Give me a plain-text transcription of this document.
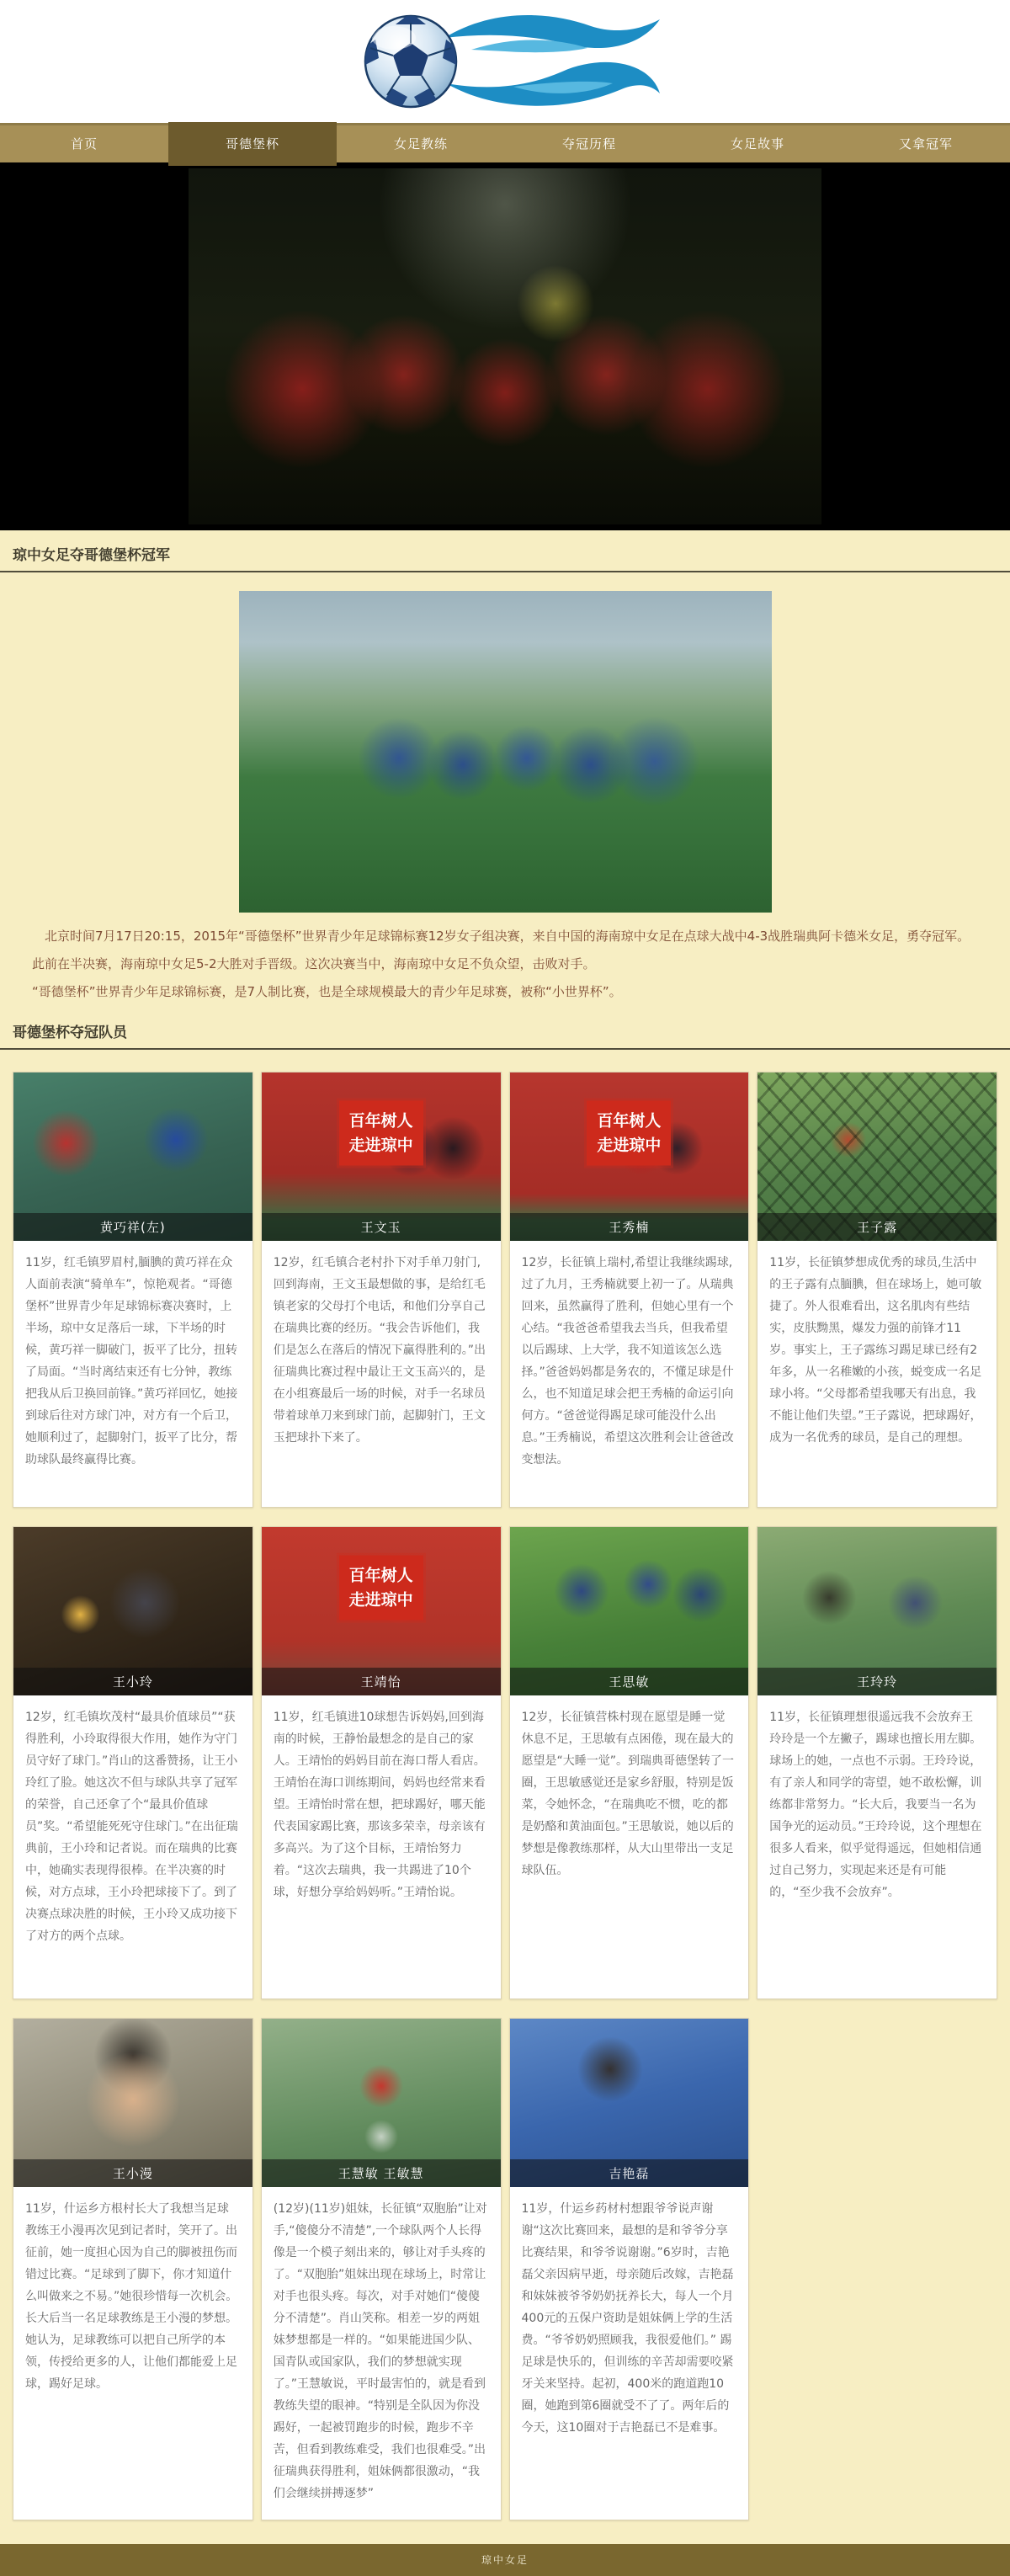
首页	哥德堡杯	女足教练	夺冠历程	女足故事	又拿冠军
琼中女足夺哥德堡杯冠军

北京时间7月17日20:15，2015年“哥德堡杯”世界青少年足球锦标赛12岁女子组决赛，来自中国的海南琼中女足在点球大战中4-3战胜瑞典阿卡德米女足，勇夺冠军。

此前在半决赛，海南琼中女足5-2大胜对手晋级。这次决赛当中，海南琼中女足不负众望，击败对手。

“哥德堡杯”世界青少年足球锦标赛，是7人制比赛，也是全球规模最大的青少年足球赛，被称“小世界杯”。

哥德堡杯夺冠队员
黄巧祥(左)
11岁，红毛镇罗眉村,腼腆的黄巧祥在众人面前表演“骑单车”，惊艳观者。“哥德堡杯”世界青少年足球锦标赛决赛时，上半场，琼中女足落后一球，下半场的时候，黄巧祥一脚破门，扳平了比分，扭转了局面。“当时离结束还有七分钟，教练把我从后卫换回前锋。”黄巧祥回忆，她接到球后往对方球门冲，对方有一个后卫，她顺利过了，起脚射门，扳平了比分，帮助球队最终赢得比赛。
百年树人 走进琼中
王文玉
12岁，红毛镇合老村扑下对手单刀射门,回到海南，王文玉最想做的事，是给红毛镇老家的父母打个电话，和他们分享自己在瑞典比赛的经历。“我会告诉他们，我们是怎么在落后的情况下赢得胜利的。”出征瑞典比赛过程中最让王文玉高兴的，是在小组赛最后一场的时候，对手一名球员带着球单刀来到球门前，起脚射门，王文玉把球扑下来了。
百年树人 走进琼中
王秀楠
12岁，长征镇上瑞村,希望让我继续踢球,过了九月，王秀楠就要上初一了。从瑞典回来，虽然赢得了胜利，但她心里有一个心结。“我爸爸希望我去当兵，但我希望以后踢球、上大学，我不知道该怎么选择。”爸爸妈妈都是务农的，不懂足球是什么，也不知道足球会把王秀楠的命运引向何方。“爸爸觉得踢足球可能没什么出息。”王秀楠说，希望这次胜利会让爸爸改变想法。
王子露
11岁，长征镇梦想成优秀的球员,生活中的王子露有点腼腆，但在球场上，她可敏捷了。外人很难看出，这名肌肉有些结实，皮肤黝黑，爆发力强的前锋才11岁。事实上，王子露练习踢足球已经有2年多，从一名稚嫩的小孩，蜕变成一名足球小将。“父母都希望我哪天有出息，我不能让他们失望。”王子露说，把球踢好，成为一名优秀的球员，是自己的理想。
王小玲
12岁，红毛镇坎茂村“最具价值球员”“获得胜利，小玲取得很大作用，她作为守门员守好了球门。”肖山的这番赞扬，让王小玲红了脸。她这次不但与球队共享了冠军的荣誉，自己还拿了个“最具价值球员”奖。“希望能死死守住球门。”在出征瑞典前，王小玲和记者说。而在瑞典的比赛中，她确实表现得很棒。在半决赛的时候，对方点球，王小玲把球接下了。到了决赛点球决胜的时候，王小玲又成功接下了对方的两个点球。
百年树人 走进琼中
王靖怡
11岁，红毛镇进10球想告诉妈妈,回到海南的时候，王静怡最想念的是自己的家人。王靖怡的妈妈目前在海口帮人看店。王靖怡在海口训练期间，妈妈也经常来看望。王靖怡时常在想，把球踢好，哪天能代表国家踢比赛，那该多荣幸，母亲该有多高兴。为了这个目标，王靖怡努力着。“这次去瑞典，我一共踢进了10个球，好想分享给妈妈听。”王靖怡说。
王思敏
12岁，长征镇营株村现在愿望是睡一觉休息不足，王思敏有点困倦，现在最大的愿望是“大睡一觉”。到瑞典哥德堡转了一圈，王思敏感觉还是家乡舒服，特别是饭菜，令她怀念，“在瑞典吃不惯，吃的都是奶酪和黄油面包。”王思敏说，她以后的梦想是像教练那样，从大山里带出一支足球队伍。
王玲玲
11岁，长征镇理想很遥远我不会放弃王玲玲是一个左撇子，踢球也擅长用左脚。球场上的她，一点也不示弱。王玲玲说，有了亲人和同学的寄望，她不敢松懈，训练都非常努力。“长大后，我要当一名为国争光的运动员。”王玲玲说，这个理想在很多人看来，似乎觉得遥远，但她相信通过自己努力，实现起来还是有可能的，“至少我不会放弃”。
王小漫
11岁，什运乡方根村长大了我想当足球教练王小漫再次见到记者时，笑开了。出征前，她一度担心因为自己的脚被扭伤而错过比赛。“足球到了脚下，你才知道什么叫做来之不易。”她很珍惜每一次机会。长大后当一名足球教练是王小漫的梦想。她认为，足球教练可以把自己所学的本领，传授给更多的人，让他们都能爱上足球，踢好足球。
王慧敏 王敏慧
(12岁)(11岁)姐妹，长征镇“双胞胎”让对手,“傻傻分不清楚”,一个球队两个人长得像是一个模子刻出来的，够让对手头疼的了。“双胞胎”姐妹出现在球场上，时常让对手也很头疼。每次，对手对她们“傻傻分不清楚”。肖山笑称。相差一岁的两姐妹梦想都是一样的。“如果能进国少队、国青队或国家队，我们的梦想就实现了。”王慧敏说，平时最害怕的，就是看到教练失望的眼神。“特别是全队因为你没踢好，一起被罚跑步的时候，跑步不辛苦，但看到教练难受，我们也很难受。”出征瑞典获得胜利，姐妹俩都很激动，“我们会继续拼搏逐梦”
吉艳磊
11岁，什运乡药材村想跟爷爷说声谢谢“这次比赛回来，最想的是和爷爷分享比赛结果，和爷爷说谢谢。”6岁时，吉艳磊父亲因病早逝，母亲随后改嫁，吉艳磊和妹妹被爷爷奶奶抚养长大，每人一个月400元的五保户资助是姐妹俩上学的生活费。“爷爷奶奶照顾我，我很爱他们。” 踢足球是快乐的，但训练的辛苦却需要咬紧牙关来坚持。起初，400米的跑道跑10圈，她跑到第6圈就受不了了。两年后的今天，这10圈对于吉艳磊已不是难事。
琼中女足
